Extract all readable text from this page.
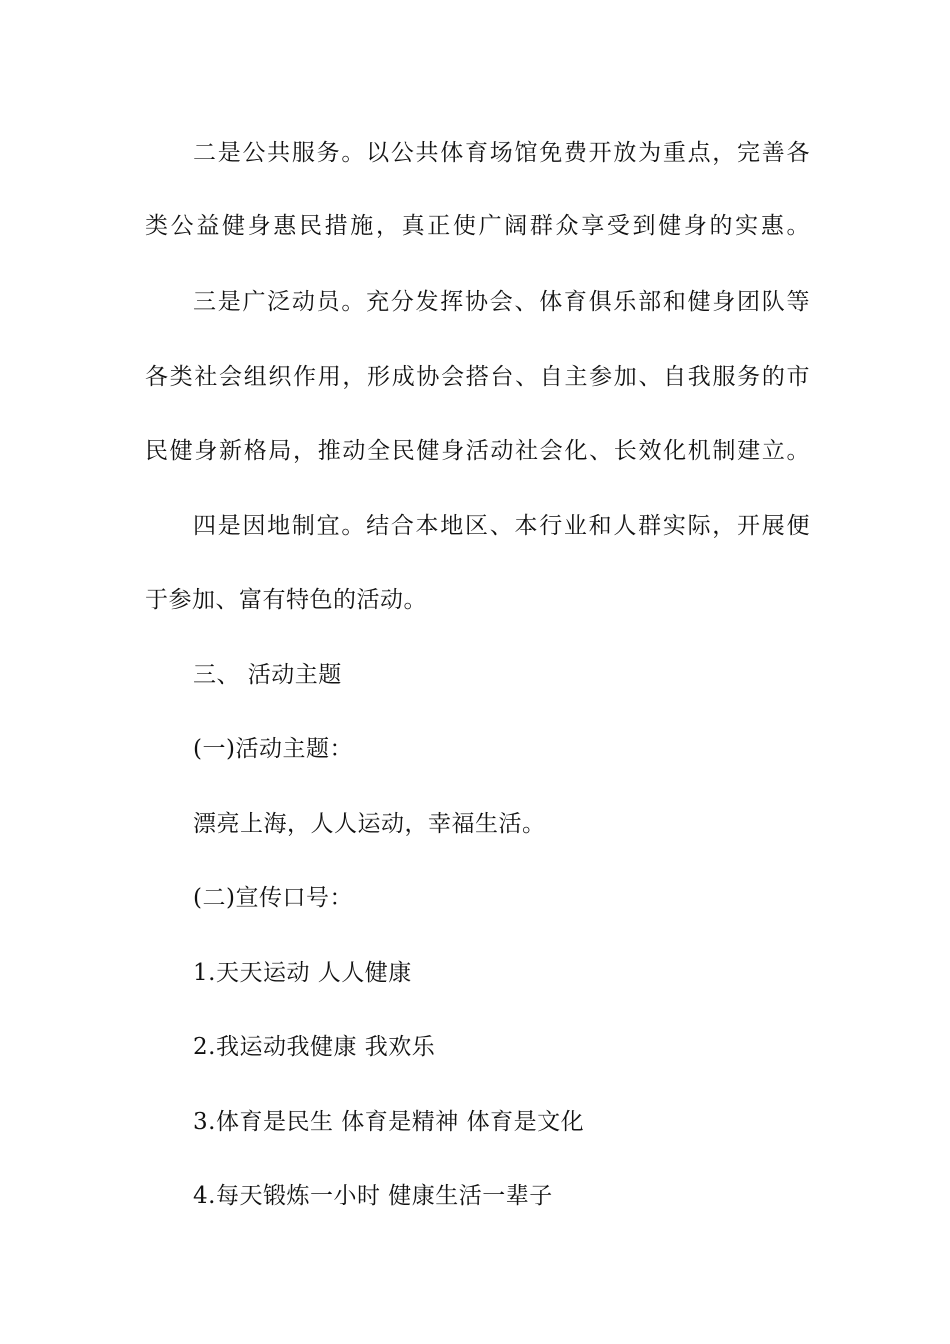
二是公共服务。以公共体育场馆免费开放为重点，完善各
类公益健身惠民措施，真正使广阔群众享受到健身的实惠。
三是广泛动员。充分发挥协会、体育俱乐部和健身团队等
各类社会组织作用，形成协会搭台、自主参加、自我服务的市
民健身新格局，推动全民健身活动社会化、长效化机制建立。
四是因地制宜。结合本地区、本行业和人群实际，开展便
于参加、富有特色的活动。
三、 活动主题
(一)活动主题：
漂亮上海，人人运动，幸福生活。
(二)宣传口号：
1.天天运动 人人健康
2.我运动我健康 我欢乐
3.体育是民生 体育是精神 体育是文化
4.每天锻炼一小时 健康生活一辈子
